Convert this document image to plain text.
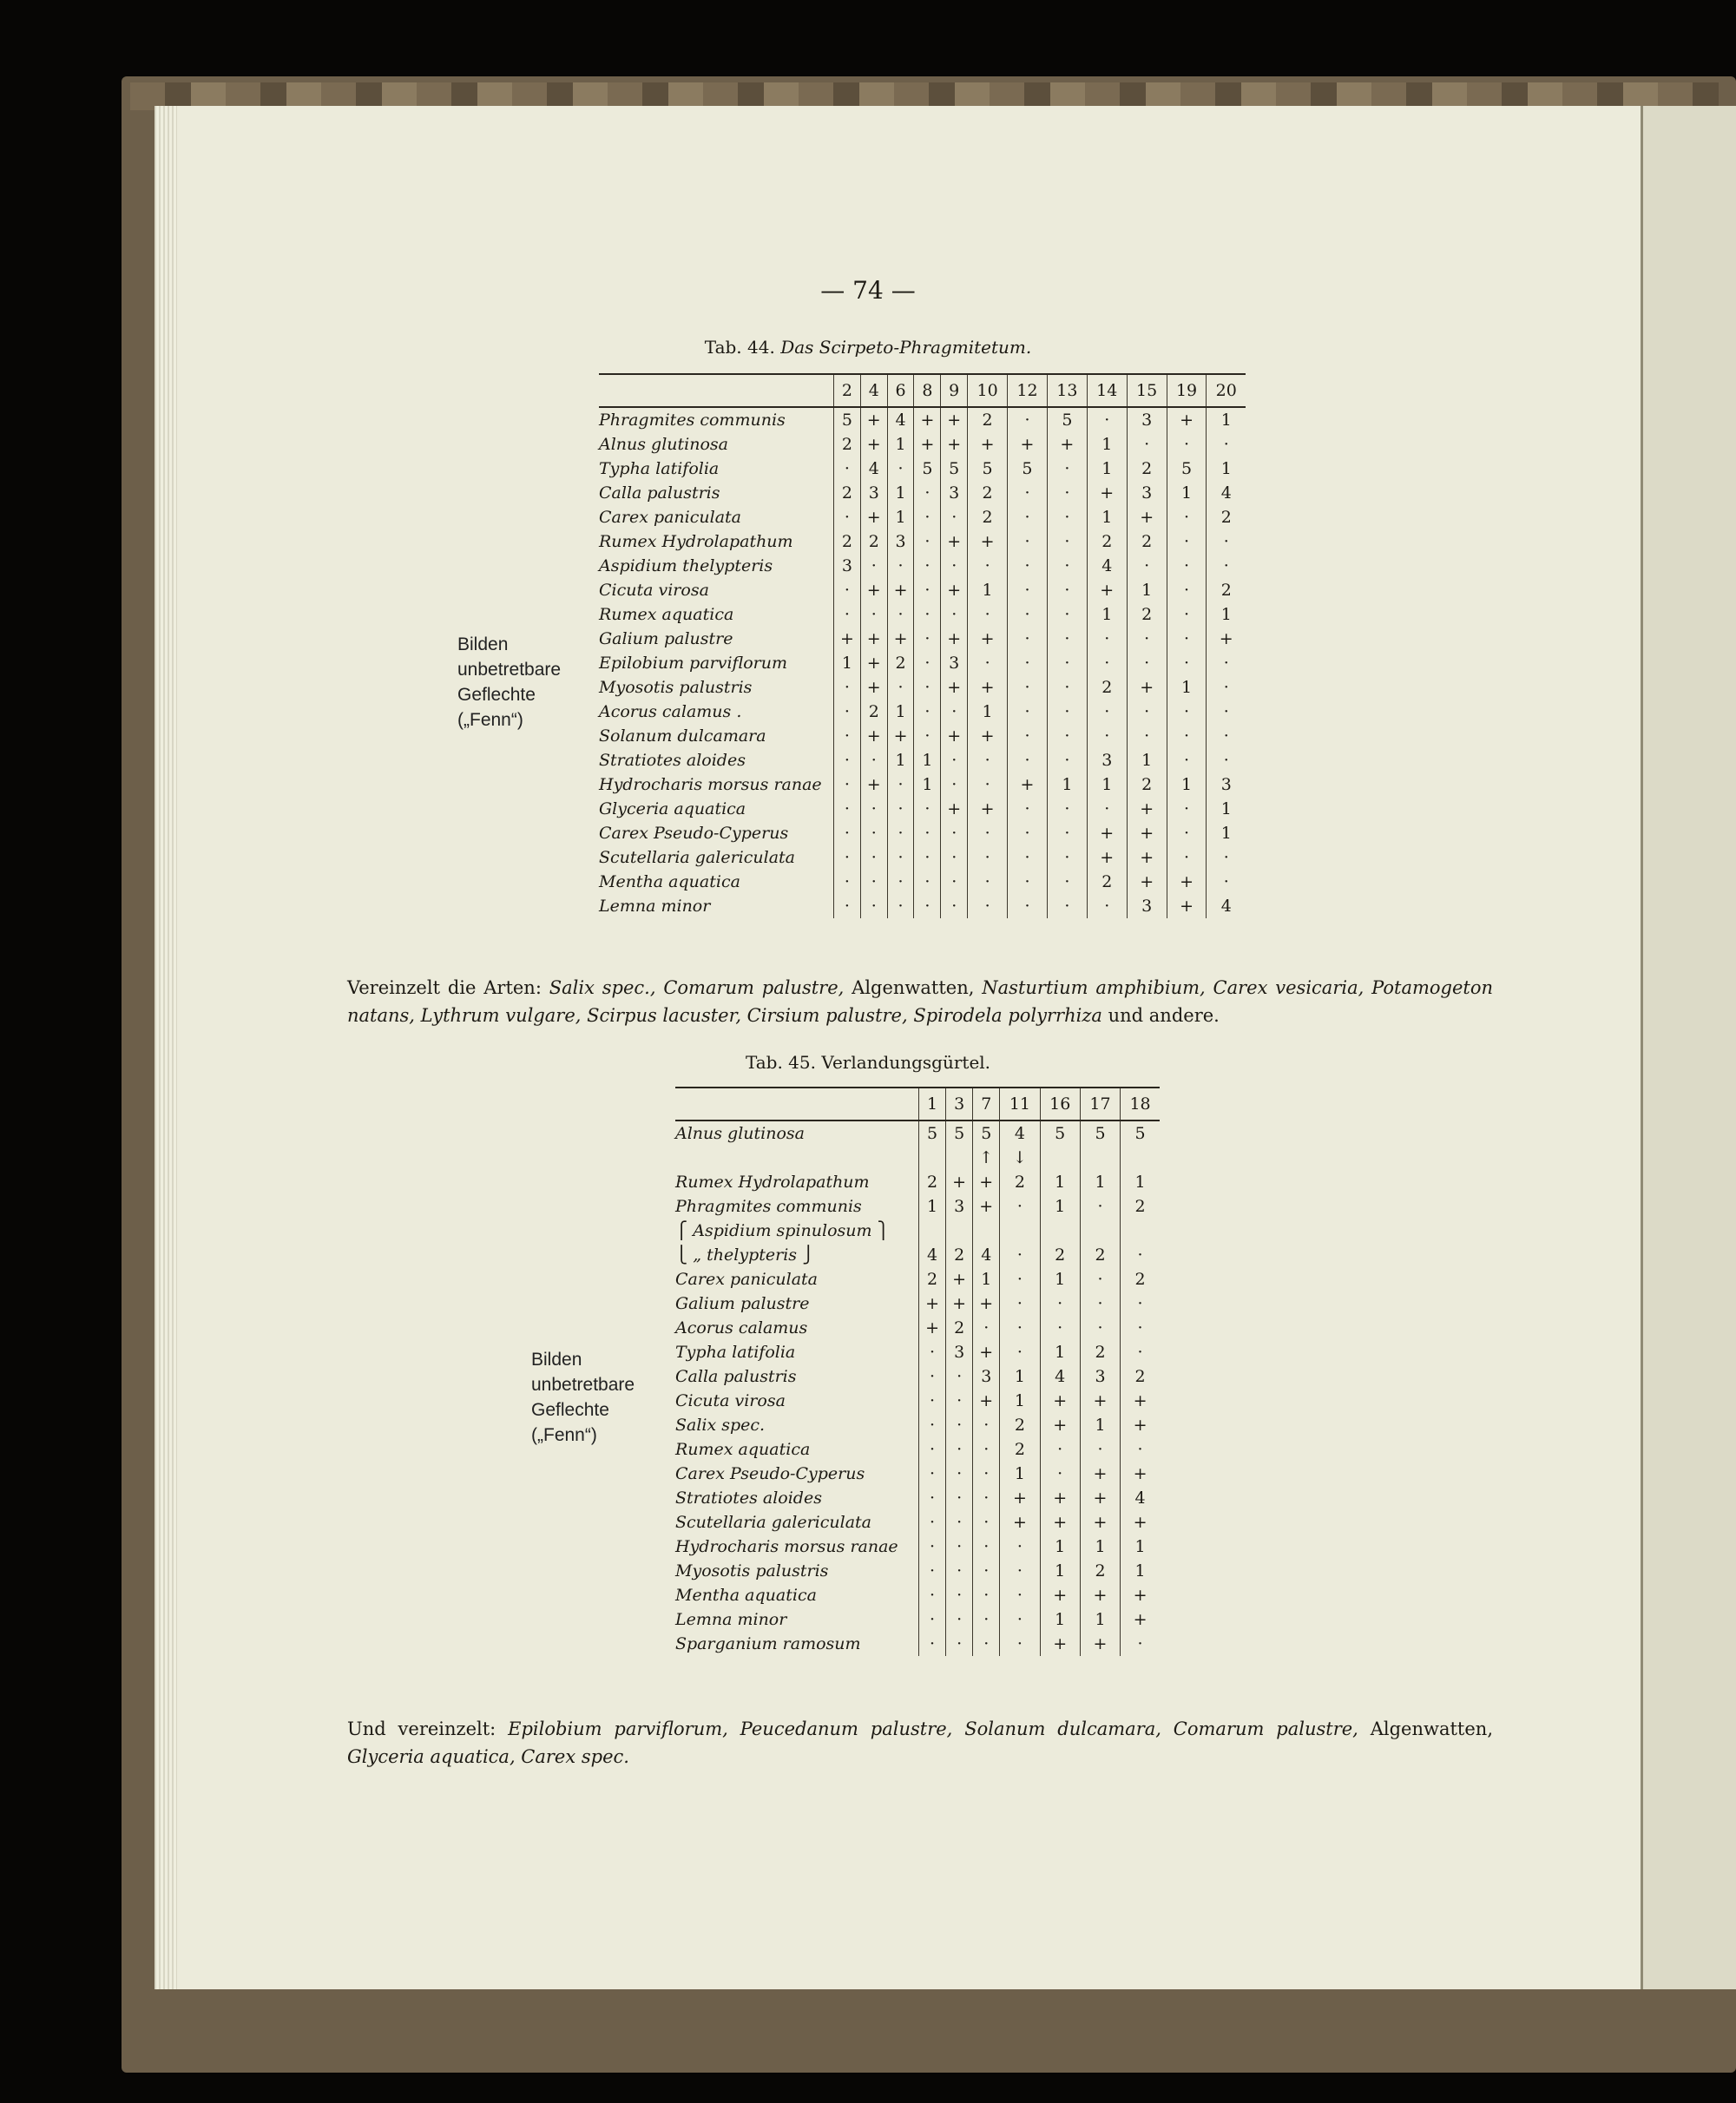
— 74 —
Tab. 44. Das Scirpeto-Phragmitetum.
	2	4	6	8	9	10	12	13	14	15	19	20
Phragmites communis	5	+	4	+	+	2	·	5	·	3	+	1
Alnus glutinosa	2	+	1	+	+	+	+	+	1	·	·	·
Typha latifolia	·	4	·	5	5	5	5	·	1	2	5	1
Calla palustris	2	3	1	·	3	2	·	·	+	3	1	4
Carex paniculata	·	+	1	·	·	2	·	·	1	+	·	2
Rumex Hydrolapathum	2	2	3	·	+	+	·	·	2	2	·	·
Aspidium thelypteris	3	·	·	·	·	·	·	·	4	·	·	·
Cicuta virosa	·	+	+	·	+	1	·	·	+	1	·	2
Rumex aquatica	·	·	·	·	·	·	·	·	1	2	·	1
Galium palustre	+	+	+	·	+	+	·	·	·	·	·	+
Epilobium parviflorum	1	+	2	·	3	·	·	·	·	·	·	·
Myosotis palustris	·	+	·	·	+	+	·	·	2	+	1	·
Acorus calamus .	·	2	1	·	·	1	·	·	·	·	·	·
Solanum dulcamara	·	+	+	·	+	+	·	·	·	·	·	·
Stratiotes aloides	·	·	1	1	·	·	·	·	3	1	·	·
Hydrocharis morsus ranae	·	+	·	1	·	·	+	1	1	2	1	3
Glyceria aquatica	·	·	·	·	+	+	·	·	·	+	·	1
Carex Pseudo-Cyperus	·	·	·	·	·	·	·	·	+	+	·	1
Scutellaria galericulata	·	·	·	·	·	·	·	·	+	+	·	·
Mentha aquatica	·	·	·	·	·	·	·	·	2	+	+	·
Lemna minor	·	·	·	·	·	·	·	·	·	3	+	4
Bilden
unbetretbare
Geflechte
(„Fenn“)
Vereinzelt die Arten: Salix spec., Comarum palustre, Algenwatten, Nasturtium amphibium, Carex vesicaria, Potamogeton natans, Lythrum vulgare, Scirpus lacuster, Cirsium palustre, Spirodela polyrrhiza und andere.
Tab. 45. Verlandungsgürtel.
	1	3	7	11	16	17	18
Alnus glutinosa	5	5	5	4	5	5	5
			↑	↓			
Rumex Hydrolapathum	2	+	+	2	1	1	1
Phragmites communis	1	3	+	·	1	·	2
⎧ Aspidium spinulosum ⎫							
⎩ „ thelypteris ⎭	4	2	4	·	2	2	·
Carex paniculata	2	+	1	·	1	·	2
Galium palustre	+	+	+	·	·	·	·
Acorus calamus	+	2	·	·	·	·	·
Typha latifolia	·	3	+	·	1	2	·
Calla palustris	·	·	3	1	4	3	2
Cicuta virosa	·	·	+	1	+	+	+
Salix spec.	·	·	·	2	+	1	+
Rumex aquatica	·	·	·	2	·	·	·
Carex Pseudo-Cyperus	·	·	·	1	·	+	+
Stratiotes aloides	·	·	·	+	+	+	4
Scutellaria galericulata	·	·	·	+	+	+	+
Hydrocharis morsus ranae	·	·	·	·	1	1	1
Myosotis palustris	·	·	·	·	1	2	1
Mentha aquatica	·	·	·	·	+	+	+
Lemna minor	·	·	·	·	1	1	+
Sparganium ramosum	·	·	·	·	+	+	·
Bilden
unbetretbare
Geflechte
(„Fenn“)
Und vereinzelt: Epilobium parviflorum, Peucedanum palustre, Solanum dulcamara, Comarum palustre, Algenwatten, Glyceria aquatica, Carex spec.
